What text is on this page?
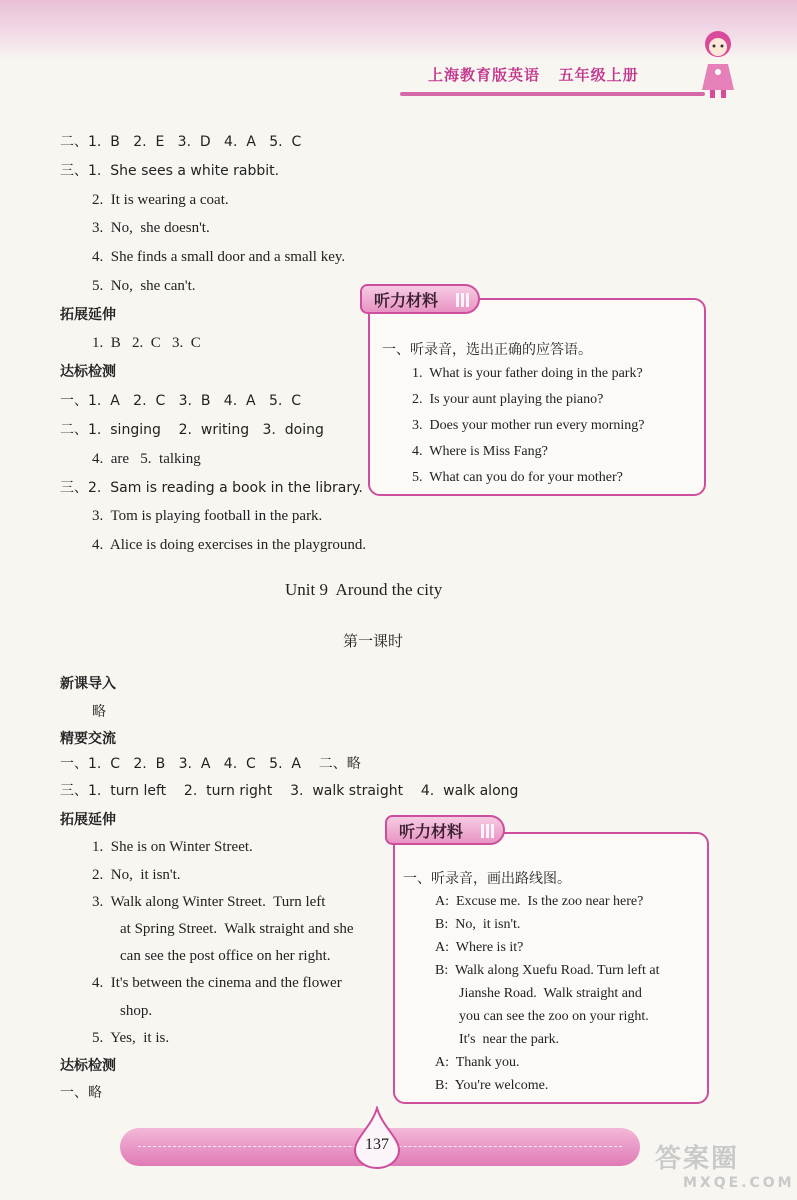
上海教育版英语   五年级上册
二、1.  B   2.  E   3.  D   4.  A   5.  C
三、1.  She sees a white rabbit.
2.  It is wearing a coat.
3.  No,  she doesn't.
4.  She finds a small door and a small key.
5.  No,  she can't.
拓展延伸
1.  B   2.  C   3.  C
达标检测
一、1.  A   2.  C   3.  B   4.  A   5.  C
二、1.  singing    2.  writing   3.  doing
4.  are   5.  talking
三、2.  Sam is reading a book in the library.
3.  Tom is playing football in the park.
4.  Alice is doing exercises in the playground.
听力材料
一、听录音，选出正确的应答语。
1.  What is your father doing in the park?
2.  Is your aunt playing the piano?
3.  Does your mother run every morning?
4.  Where is Miss Fang?
5.  What can you do for your mother?
Unit 9  Around the city
第一课时
新课导入
略
精要交流
一、1.  C   2.  B   3.  A   4.  C   5.  A    二、略
三、1.  turn left    2.  turn right    3.  walk straight    4.  walk along
拓展延伸
1.  She is on Winter Street.
2.  No,  it isn't.
3.  Walk along Winter Street.  Turn left
at Spring Street.  Walk straight and she
can see the post office on her right.
4.  It's between the cinema and the flower
shop.
5.  Yes,  it is.
达标检测
一、略
听力材料
一、听录音，画出路线图。
A:  Excuse me.  Is the zoo near here?
B:  No,  it isn't.
A:  Where is it?
B:  Walk along Xuefu Road. Turn left at
Jianshe Road.  Walk straight and
you can see the zoo on your right.
It's  near the park.
A:  Thank you.
B:  You're welcome.
137	答案圈
MXQE.COM
